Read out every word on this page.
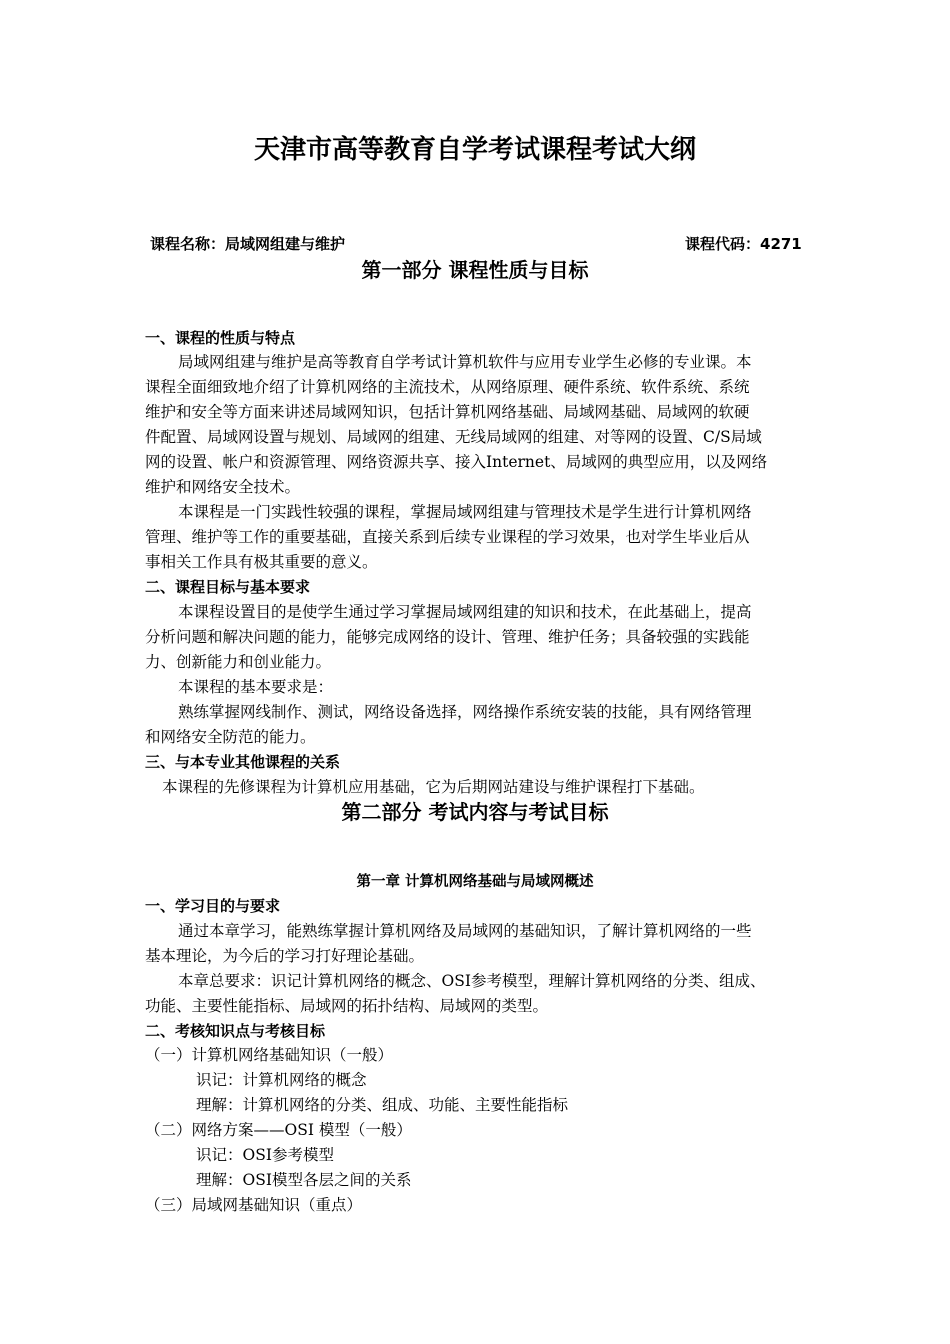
天津市高等教育自学考试课程考试大纲
课程名称：局域网组建与维护	课程代码：4271
第一部分 课程性质与目标
一、课程的性质与特点
局域网组建与维护是高等教育自学考试计算机软件与应用专业学生必修的专业课。本
课程全面细致地介绍了计算机网络的主流技术，从网络原理、硬件系统、软件系统、系统
维护和安全等方面来讲述局域网知识，包括计算机网络基础、局域网基础、局域网的软硬
件配置、局域网设置与规划、局域网的组建、无线局域网的组建、对等网的设置、C/S局域
网的设置、帐户和资源管理、网络资源共享、接入Internet、局域网的典型应用，以及网络
维护和网络安全技术。
本课程是一门实践性较强的课程，掌握局域网组建与管理技术是学生进行计算机网络
管理、维护等工作的重要基础，直接关系到后续专业课程的学习效果，也对学生毕业后从
事相关工作具有极其重要的意义。
二、课程目标与基本要求
本课程设置目的是使学生通过学习掌握局域网组建的知识和技术，在此基础上，提高
分析问题和解决问题的能力，能够完成网络的设计、管理、维护任务；具备较强的实践能
力、创新能力和创业能力。
本课程的基本要求是：
熟练掌握网线制作、测试，网络设备选择，网络操作系统安装的技能，具有网络管理
和网络安全防范的能力。
三、与本专业其他课程的关系
本课程的先修课程为计算机应用基础，它为后期网站建设与维护课程打下基础。
第二部分 考试内容与考试目标
第一章 计算机网络基础与局域网概述
一、学习目的与要求
通过本章学习，能熟练掌握计算机网络及局域网的基础知识，了解计算机网络的一些
基本理论，为今后的学习打好理论基础。
本章总要求：识记计算机网络的概念、OSI参考模型，理解计算机网络的分类、组成、
功能、主要性能指标、局域网的拓扑结构、局域网的类型。
二、考核知识点与考核目标
（一）计算机网络基础知识（一般）
识记：计算机网络的概念
理解：计算机网络的分类、组成、功能、主要性能指标
（二）网络方案——OSI 模型（一般）
识记：OSI参考模型
理解：OSI模型各层之间的关系
（三）局域网基础知识（重点）
